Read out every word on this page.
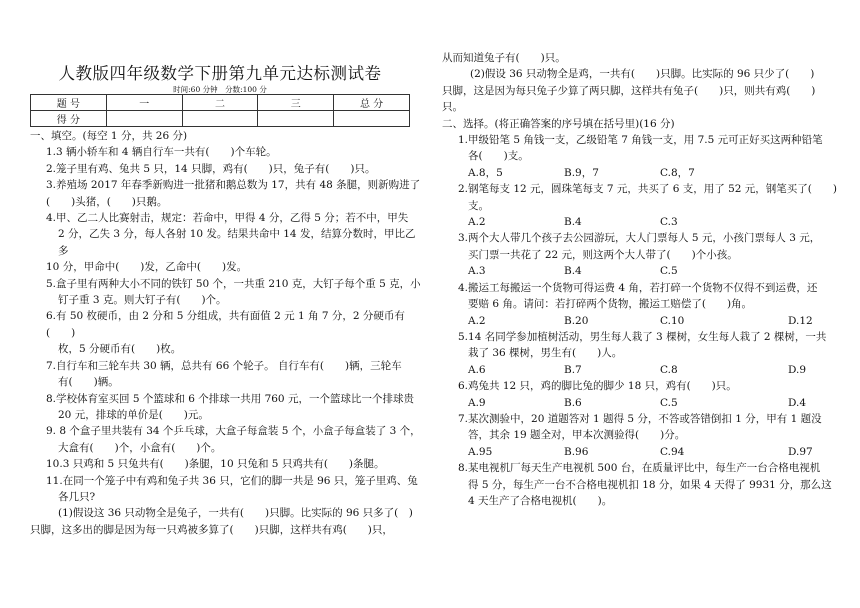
人教版四年级数学下册第九单元达标测试卷
时间:60 分钟　分数:100 分
题 号	一	二	三	总 分
得 分				

一、填空。(每空 1 分，共 26 分)

1.3 辆小轿车和 4 辆自行车一共有(　　)个车轮。

2.笼子里有鸡、兔共 5 只，14 只脚，鸡有(　　)只，兔子有(　　)只。

3.养殖场 2017 年春季新购进一批猪和鹅总数为 17，共有 48 条腿，则新购进了

(　　)头猪，(　　)只鹅。

4.甲、乙二人比赛射击，规定：若命中，甲得 4 分，乙得 5 分；若不中，甲失

2 分，乙失 3 分，每人各射 10 发。结果共命中 14 发，结算分数时，甲比乙

多

10 分，甲命中(　　)发，乙命中(　　)发。

5.盒子里有两种大小不同的铁钉 50 个，一共重 210 克，大钉子每个重 5 克，小

钉子重 3 克。则大钉子有(　　)个。

6.有 50 枚硬币，由 2 分和 5 分组成，共有面值 2 元 1 角 7 分，2 分硬币有(　　)

枚，5 分硬币有(　　)枚。

7.自行车和三轮车共 30 辆，总共有 66 个轮子。 自行车有(　　)辆，三轮车

有(　　)辆。

8.学校体育室买回 5 个篮球和 6 个排球一共用 760 元，一个篮球比一个排球贵

20 元，排球的单价是(　　)元。

9. 8 个盒子里共装有 34 个乒乓球，大盒子每盒装 5 个，小盒子每盒装了 3 个，

大盒有(　　)个，小盒有(　　)个。

10.3 只鸡和 5 只兔共有(　　)条腿，10 只兔和 5 只鸡共有(　　)条腿。

11.在同一个笼子中有鸡和兔子共 36 只，它们的脚一共是 96 只，笼子里鸡、兔

各几只?

(1)假设这 36 只动物全是兔子，一共有(　　)只脚。比实际的 96 只多了(　)

只脚，这多出的脚是因为每一只鸡被多算了(　　)只脚，这样共有鸡(　　)只，

从而知道兔子有(　　)只。

(2)假设 36 只动物全是鸡，一共有(　　)只脚。比实际的 96 只少了(　　)

只脚，这是因为每只兔子少算了两只脚，这样共有兔子(　　)只，则共有鸡(　　)

只。

二、选择。(将正确答案的序号填在括号里)(16 分)

1.甲级铅笔 5 角钱一支，乙级铅笔 7 角钱一支，用 7.5 元可正好买这两种铅笔

各(　　)支。

A.8，5	B.9，7	C.8，7

2.钢笔每支 12 元，圆珠笔每支 7 元，共买了 6 支，用了 52 元，钢笔买了(　　)

支。

A.2	B.4	C.3

3.两个大人带几个孩子去公园游玩，大人门票每人 5 元，小孩门票每人 3 元，

买门票一共花了 22 元，则这两个大人带了(　　)个小孩。

A.3	B.4	C.5

4.搬运工每搬运一个货物可得运费 4 角，若打碎一个货物不仅得不到运费，还

要赔 6 角。请问：若打碎两个货物，搬运工赔偿了(　　)角。

A.2	B.20	C.10	D.12

5.14 名同学参加植树活动，男生每人栽了 3 棵树，女生每人栽了 2 棵树，一共

栽了 36 棵树，男生有(　　)人。

A.6	B.7	C.8	D.9

6.鸡兔共 12 只，鸡的脚比兔的脚少 18 只，鸡有(　　)只。

A.9	B.6	C.5	D.4

7.某次测验中，20 道题答对 1 题得 5 分，不答或答错倒扣 1 分，甲有 1 题没

答，其余 19 题全对，甲本次测验得(　　)分。

A.95	B.96	C.94	D.97

8.某电视机厂每天生产电视机 500 台，在质量评比中，每生产一台合格电视机

得 5 分，每生产一台不合格电视机扣 18 分，如果 4 天得了 9931 分，那么这

4 天生产了合格电视机(　　)。
